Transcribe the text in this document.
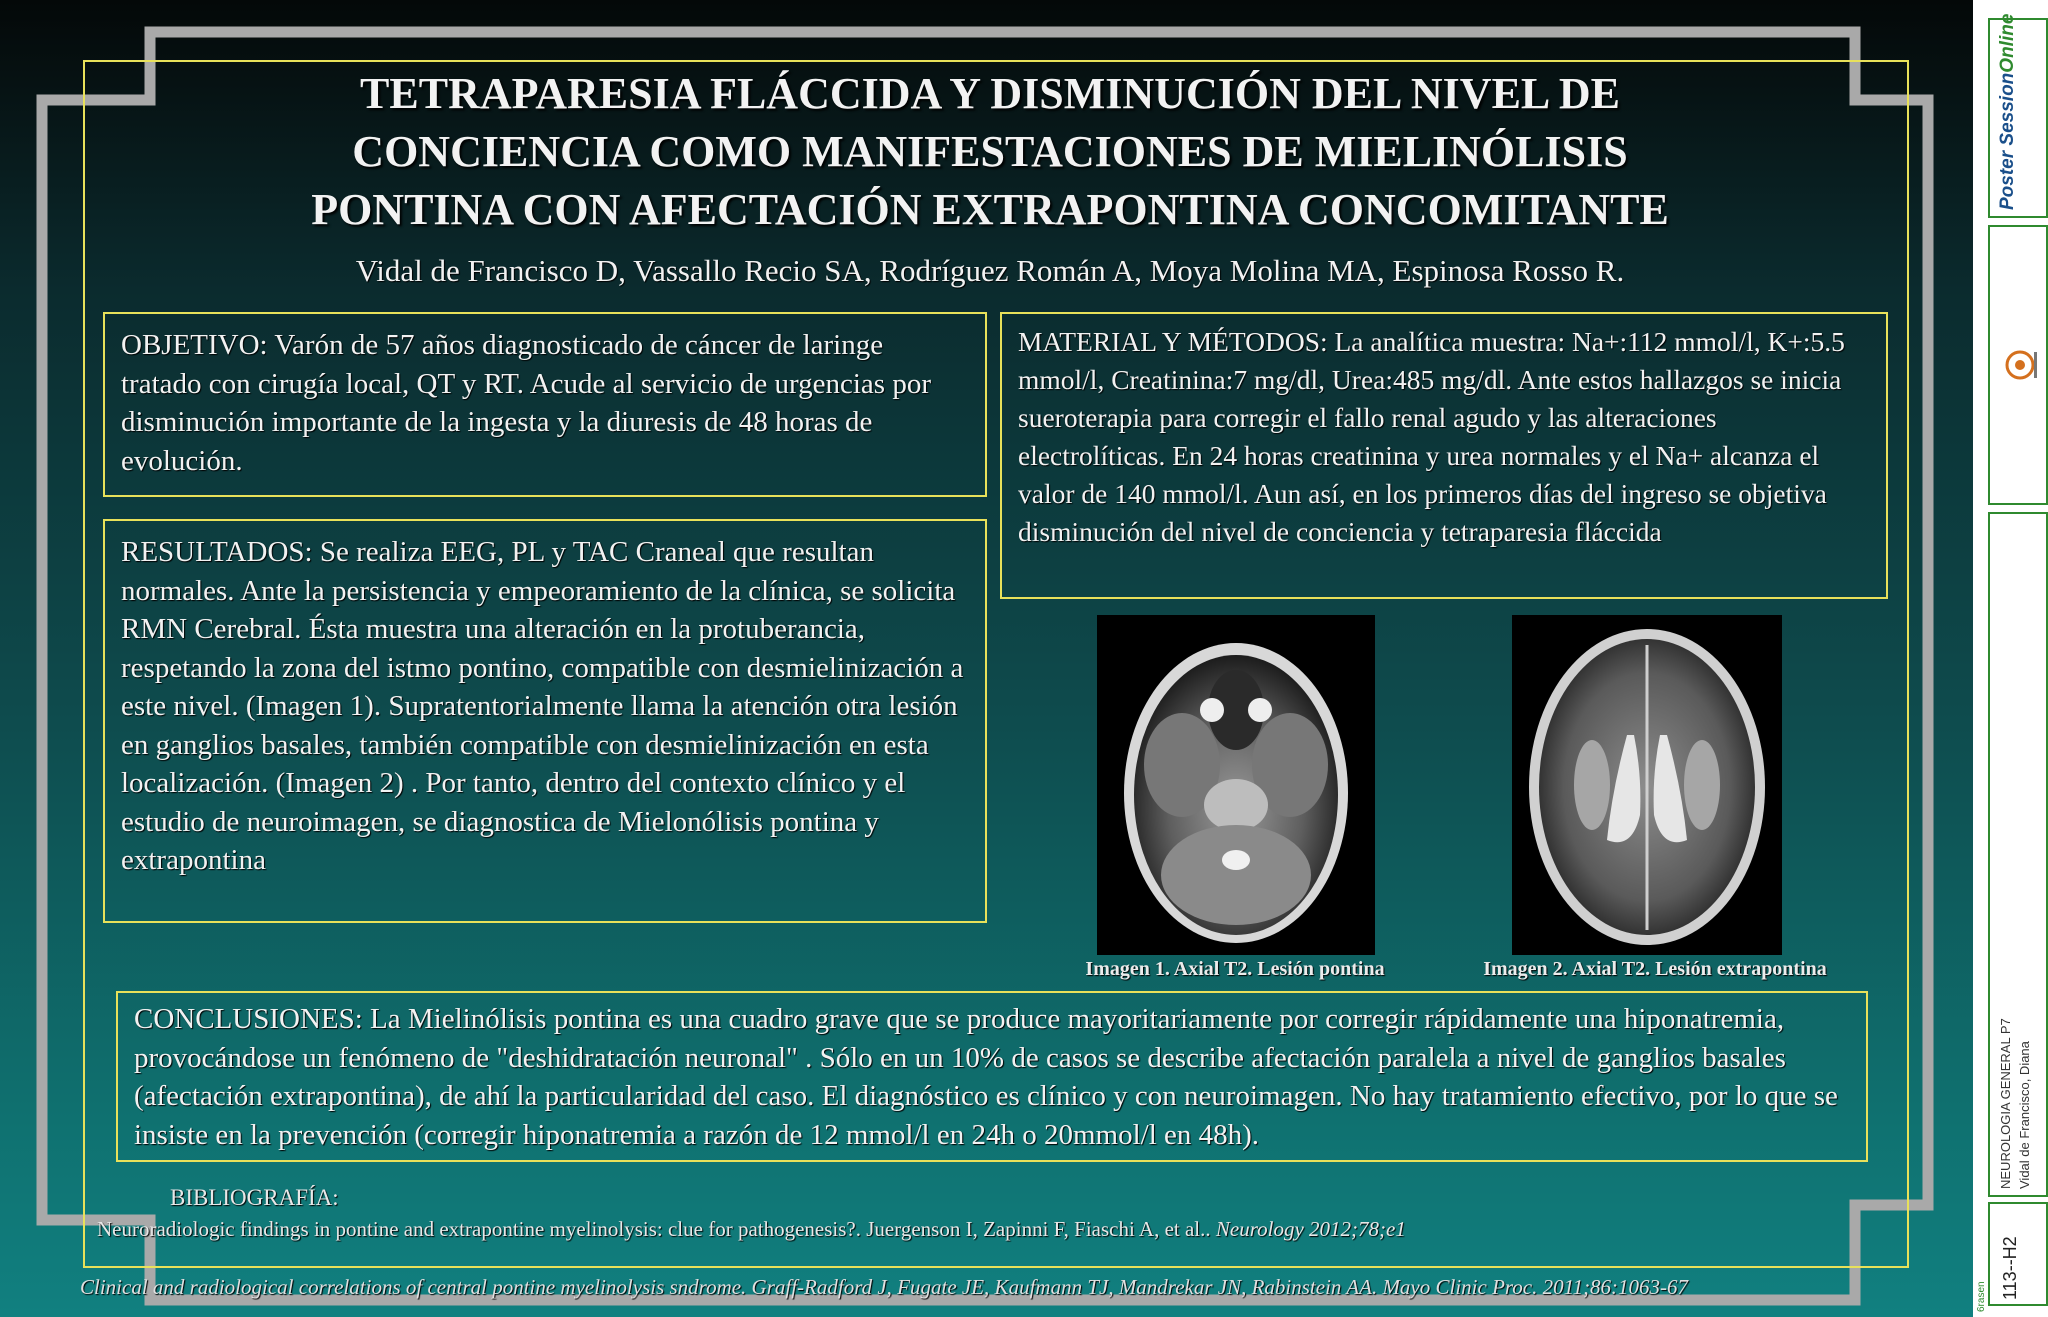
TETRAPARESIA FLÁCCIDA Y DISMINUCIÓN DEL NIVEL DE
CONCIENCIA COMO MANIFESTACIONES DE MIELINÓLISIS
PONTINA CON AFECTACIÓN EXTRAPONTINA CONCOMITANTE
Vidal de Francisco D, Vassallo Recio SA, Rodríguez Román A, Moya Molina MA, Espinosa Rosso R.

OBJETIVO: Varón de 57 años diagnosticado de cáncer de laringe tratado con cirugía local, QT y RT. Acude al servicio de urgencias por disminución importante de la ingesta y la diuresis de 48 horas de evolución.

MATERIAL Y MÉTODOS: La analítica muestra: Na+:112 mmol/l, K+:5.5 mmol/l, Creatinina:7 mg/dl, Urea:485 mg/dl. Ante estos hallazgos se inicia sueroterapia para corregir el fallo renal agudo y las alteraciones electrolíticas. En 24 horas creatinina y urea normales y el Na+ alcanza el valor de 140 mmol/l. Aun así, en los primeros días del ingreso se objetiva disminución del nivel de conciencia y tetraparesia fláccida

RESULTADOS: Se realiza EEG, PL y TAC Craneal que resultan normales. Ante la persistencia y empeoramiento de la clínica, se solicita RMN Cerebral. Ésta muestra una alteración en la protuberancia, respetando la zona del istmo pontino, compatible con desmielinización a este nivel. (Imagen 1). Supratentorialmente llama la atención otra lesión en ganglios basales, también compatible con desmielinización en esta localización. (Imagen 2) . Por tanto, dentro del contexto clínico y el estudio de neuroimagen, se diagnostica de Mielonólisis pontina y extrapontina

Imagen 1. Axial T2. Lesión pontina	Imagen 2. Axial T2. Lesión extrapontina

CONCLUSIONES: La Mielinólisis pontina es una cuadro grave que se produce mayoritariamente por corregir rápidamente una hiponatremia, provocándose un fenómeno de "deshidratación neuronal" . Sólo en un 10% de casos se describe afectación paralela a nivel de ganglios basales (afectación extrapontina), de ahí la particularidad del caso. El diagnóstico es clínico y con neuroimagen. No hay tratamiento efectivo, por lo que se insiste en la prevención (corregir hiponatremia a razón de 12 mmol/l en 24h o 20mmol/l en 48h).

BIBLIOGRAFÍA:
Neuroradiologic findings in pontine and extrapontine myelinolysis: clue for pathogenesis?. Juergenson I, Zapinni F, Fiaschi A, et al.. Neurology 2012;78;e1
Clinical and radiological correlations of central pontine myelinolysis sndrome. Graff-Radford J, Fugate JE, Kaufmann TJ, Mandrekar JN, Rabinstein AA. Mayo Clinic Proc. 2011;86:1063-67
Poster SessionOnline
NEUROLOGIA GENERAL P7 Vidal de Francisco, Diana
113--H2
6rasen
